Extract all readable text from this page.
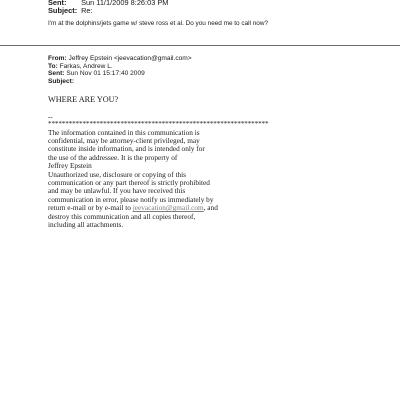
Sent: Sun 11/1/2009 8:26:03 PM
Subject: Re:
I'm at the dolphins/jets game w/ steve ross et al. Do you need me to call now?
From: Jeffrey Epstein <jeevacation@gmail.com>
To: Farkas, Andrew L.
Sent: Sun Nov 01 15:17:40 2009
Subject:
WHERE ARE YOU?
--
****************************************************************
The information contained in this communication is
confidential, may be attorney-client privileged, may
constitute inside information, and is intended only for
the use of the addressee. It is the property of
Jeffrey Epstein
Unauthorized use, disclosure or copying of this
communication or any part thereof is strictly prohibited
and may be unlawful. If you have received this
communication in error, please notify us immediately by
return e-mail or by e-mail to jeevacation@gmail.com, and
destroy this communication and all copies thereof,
including all attachments.
